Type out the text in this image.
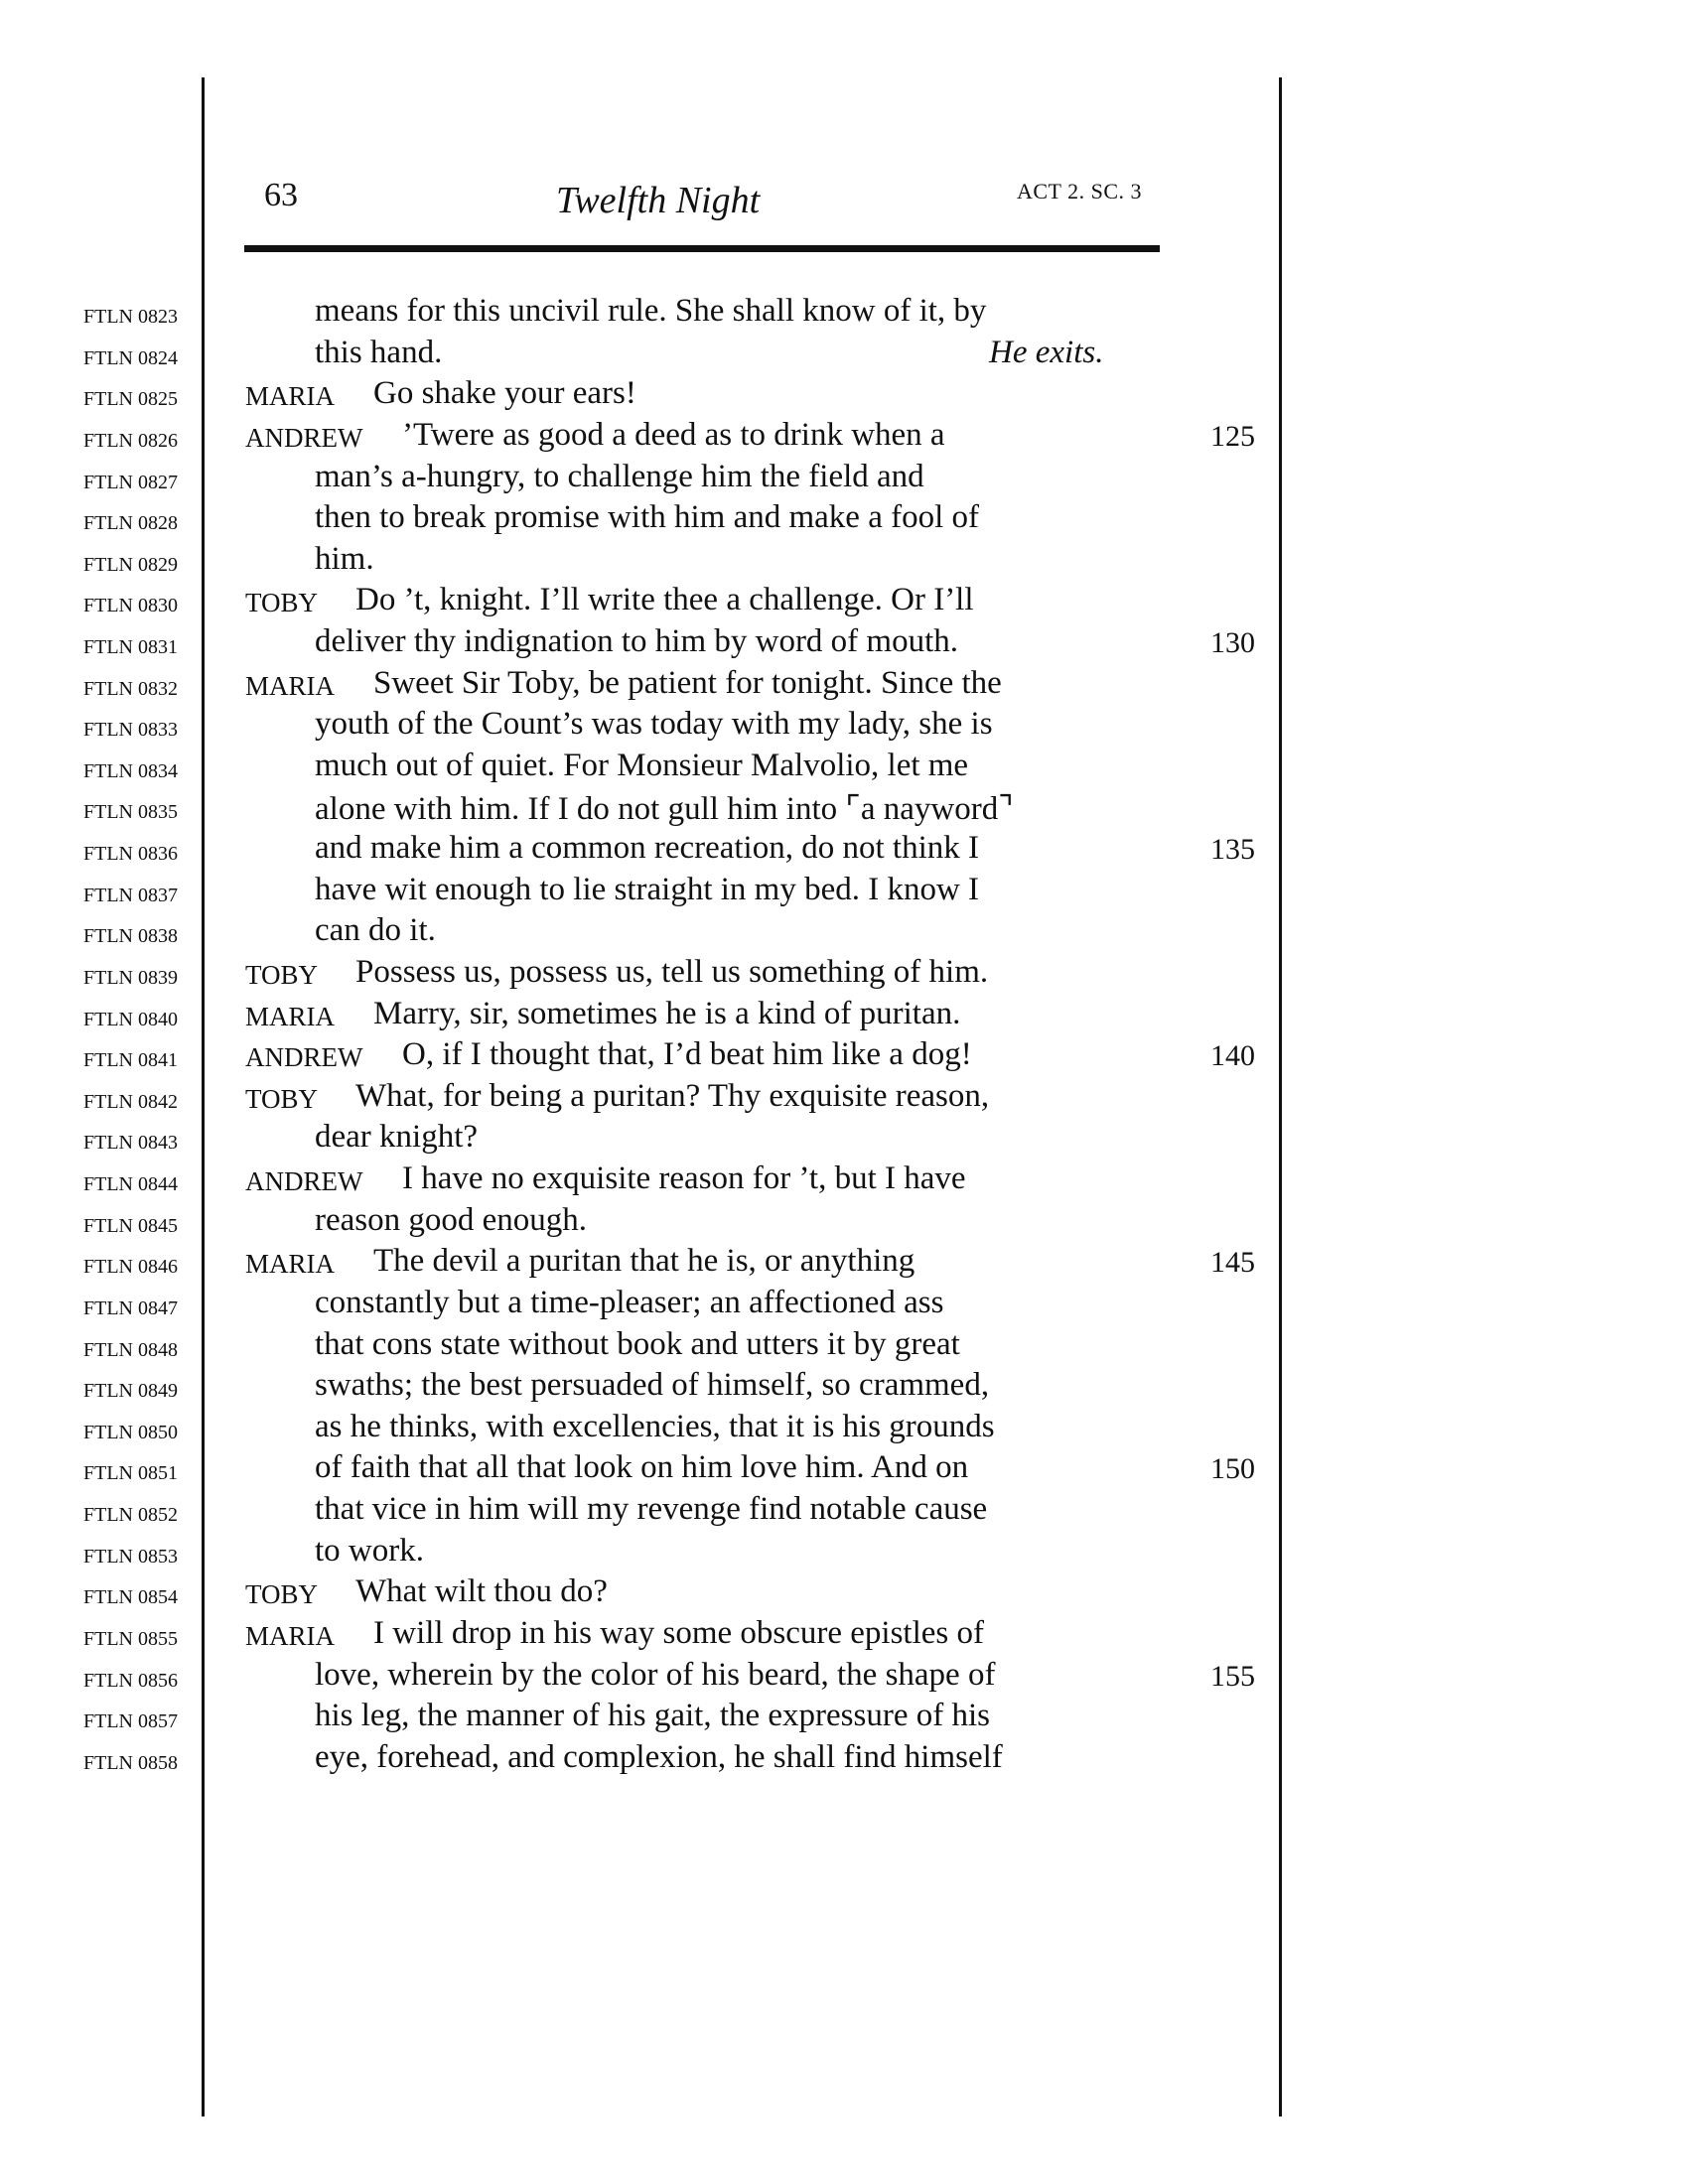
63	Twelfth Night	ACT 2. SC. 3
FTLN 0823	means for this uncivil rule. She shall know of it, by
FTLN 0824	this hand.	He exits.
FTLN 0825	MARIA Go shake your ears!
FTLN 0826	ANDREW ’Twere as good a deed as to drink when a	125
FTLN 0827	man’s a-hungry, to challenge him the field and
FTLN 0828	then to break promise with him and make a fool of
FTLN 0829	him.
FTLN 0830	TOBY Do ’t, knight. I’ll write thee a challenge. Or I’ll
FTLN 0831	deliver thy indignation to him by word of mouth.	130
FTLN 0832	MARIA Sweet Sir Toby, be patient for tonight. Since the
FTLN 0833	youth of the Count’s was today with my lady, she is
FTLN 0834	much out of quiet. For Monsieur Malvolio, let me
FTLN 0835	alone with him. If I do not gull him into ⌜a nayword⌝
FTLN 0836	and make him a common recreation, do not think I	135
FTLN 0837	have wit enough to lie straight in my bed. I know I
FTLN 0838	can do it.
FTLN 0839	TOBY Possess us, possess us, tell us something of him.
FTLN 0840	MARIA Marry, sir, sometimes he is a kind of puritan.
FTLN 0841	ANDREW O, if I thought that, I’d beat him like a dog!	140
FTLN 0842	TOBY What, for being a puritan? Thy exquisite reason,
FTLN 0843	dear knight?
FTLN 0844	ANDREW I have no exquisite reason for ’t, but I have
FTLN 0845	reason good enough.
FTLN 0846	MARIA The devil a puritan that he is, or anything	145
FTLN 0847	constantly but a time-pleaser; an affectioned ass
FTLN 0848	that cons state without book and utters it by great
FTLN 0849	swaths; the best persuaded of himself, so crammed,
FTLN 0850	as he thinks, with excellencies, that it is his grounds
FTLN 0851	of faith that all that look on him love him. And on	150
FTLN 0852	that vice in him will my revenge find notable cause
FTLN 0853	to work.
FTLN 0854	TOBY What wilt thou do?
FTLN 0855	MARIA I will drop in his way some obscure epistles of
FTLN 0856	love, wherein by the color of his beard, the shape of	155
FTLN 0857	his leg, the manner of his gait, the expressure of his
FTLN 0858	eye, forehead, and complexion, he shall find himself
